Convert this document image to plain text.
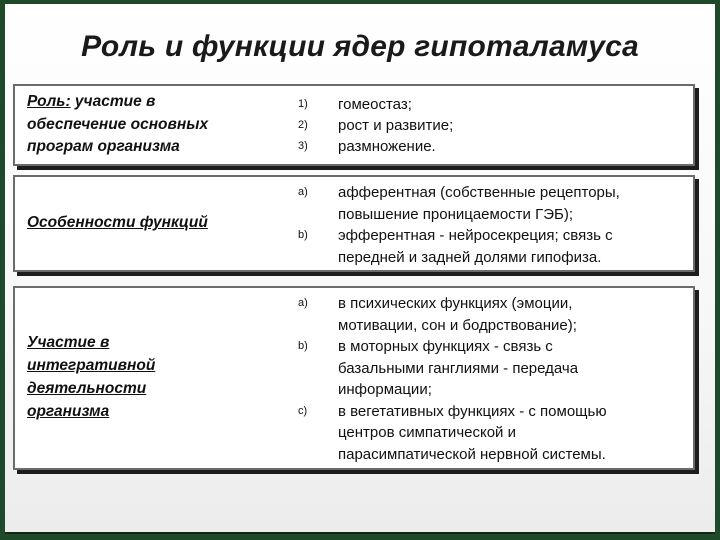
Роль и функции ядер гипоталамуса
Роль: участие в
обеспечение основных
програм организма
1) гомеостаз;
2) рост и развитие;
3) размножение.
Особенности функций
a) афферентная (собственные рецепторы,
повышение проницаемости ГЭБ);
b) эфферентная - нейросекреция; связь с
передней и задней долями гипофиза.
Участие в
интегративной
деятельности
организма
a) в психических функциях (эмоции,
мотивации, сон и бодрствование);
b) в моторных функциях - связь с
базальными ганглиями - передача
информации;
c) в вегетативных функциях - с помощью
центров симпатической и
парасимпатической нервной системы.
